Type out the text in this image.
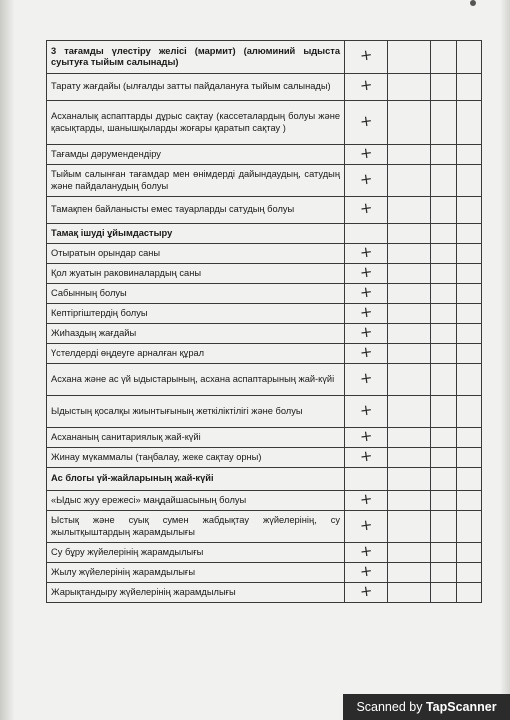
3 тағамды үлестіру желісі (мармит) (алюминий ыдыста суытуға тыйым салынады)	+			
Тарату жағдайы (ылғалды затты пайдалануға тыйым салынады)	+			
Асханалық аспаптарды дұрыс сақтау (кассеталардың болуы және қасықтарды, шанышқыларды жоғары қаратып сақтау )	+			
Тағамды дәрумендендіру	+			
Тыйым салынған тағамдар мен өнімдерді дайындаудың, сатудың және пайдаланудың болуы	+			
Тамақпен байланысты емес тауарларды сатудың болуы	+			
Тамақ ішуді ұйымдастыру				
Отыратын орындар саны	+			
Қол жуатын раковиналардың саны	+			
Сабынның болуы	+			
Кептіргіштердің болуы	+			
Жиһаздың жағдайы	+			
Үстелдерді өңдеуге арналған құрал	+			
Асхана және ас үй ыдыстарының, асхана аспаптарының жай-күйі	+			
Ыдыстың қосалқы жиынтығының жеткіліктілігі және болуы	+			
Асхананың санитариялық жай-күйі	+			
Жинау мүкаммалы (таңбалау, жеке сақтау орны)	+			
Ас блогы үй-жайларының жай-күйі				
«Ыдыс жуу ережесі» маңдайшасының болуы	+			
Ыстық және суық сумен жабдықтау жүйелерінің, су жылытқыштардың жарамдылығы	+			
Су бұру жүйелерінің жарамдылығы	+			
Жылу жүйелерінің жарамдылығы	+			
Жарықтандыру жүйелерінің жарамдылығы	+			
Scanned by TapScanner
